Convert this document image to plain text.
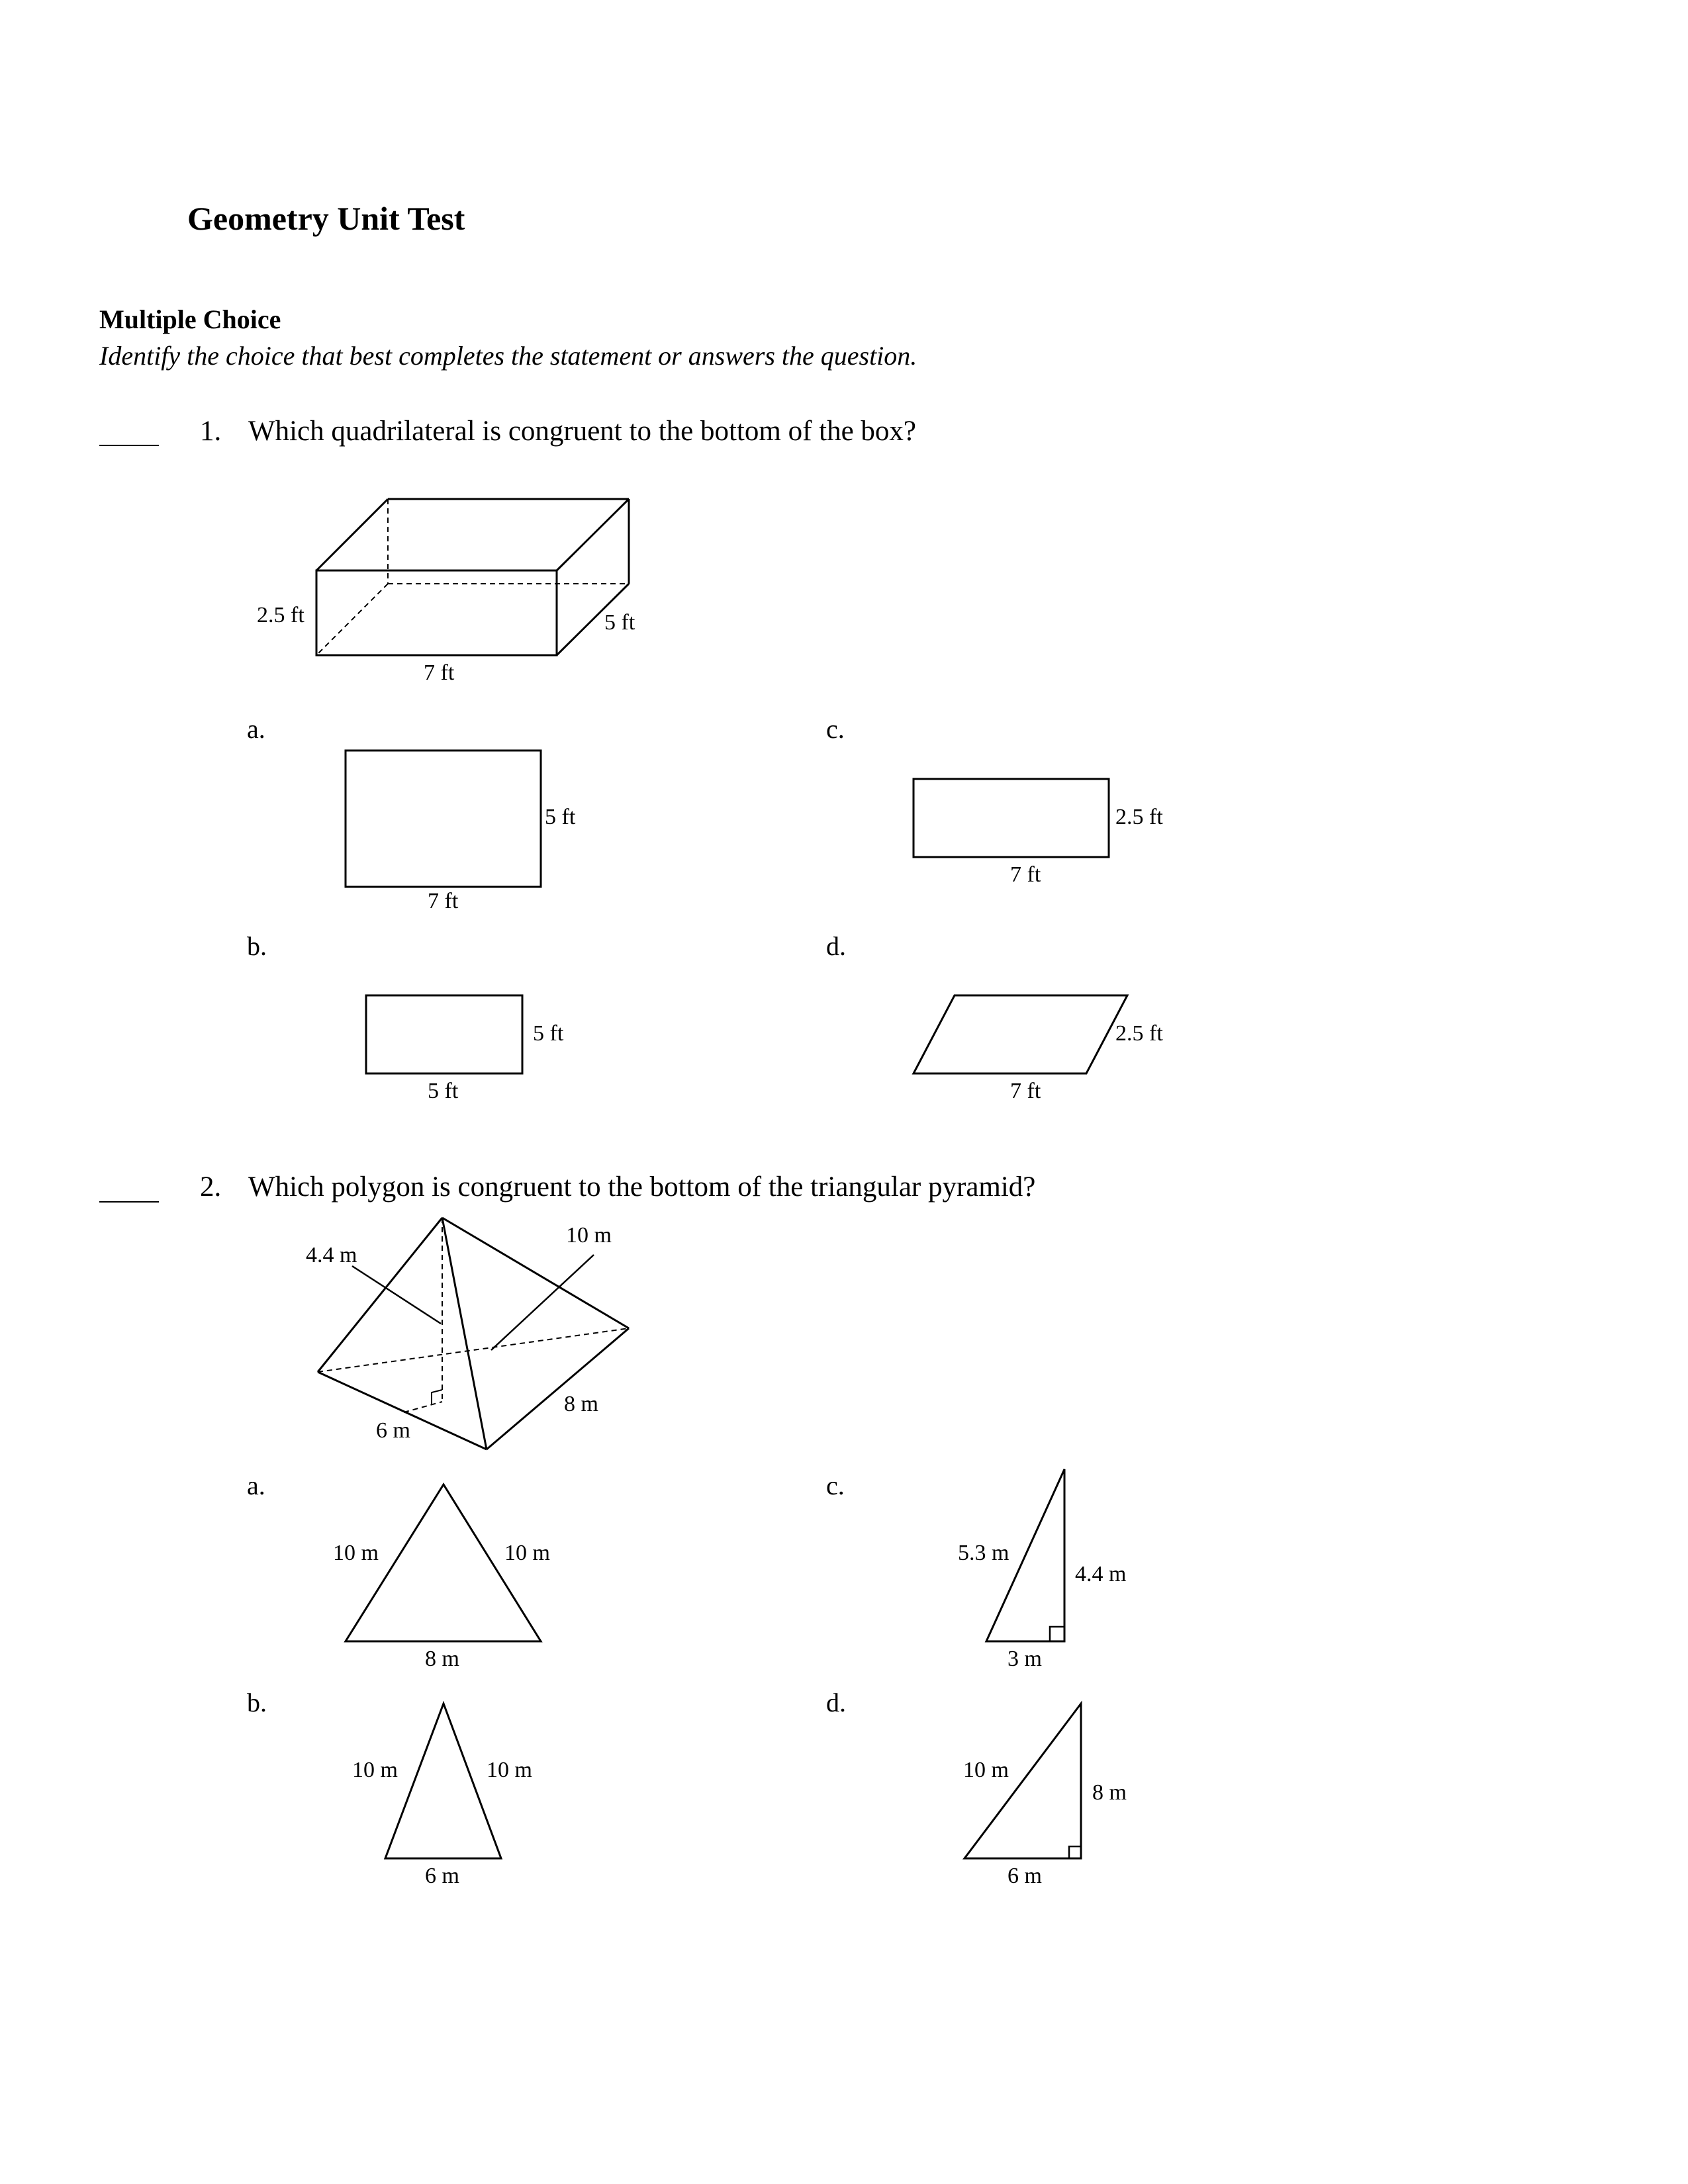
Geometry Unit Test
Multiple Choice
Identify the choice that best completes the statement or answers the question.
1. Which quadrilateral is congruent to the bottom of the box?
2.5 ft	5 ft
7 ft
a.
b.
c.
d.
5 ft
7 ft
5 ft
5 ft
2.5 ft
7 ft
2.5 ft
7 ft
2. Which polygon is congruent to the bottom of the triangular pyramid?
4.4 m
10 m
8 m
6 m
a.
b.
c.
d.
10 m	10 m
8 m
10 m	10 m
6 m
5.3 m
4.4 m
3 m
10 m
8 m
6 m
